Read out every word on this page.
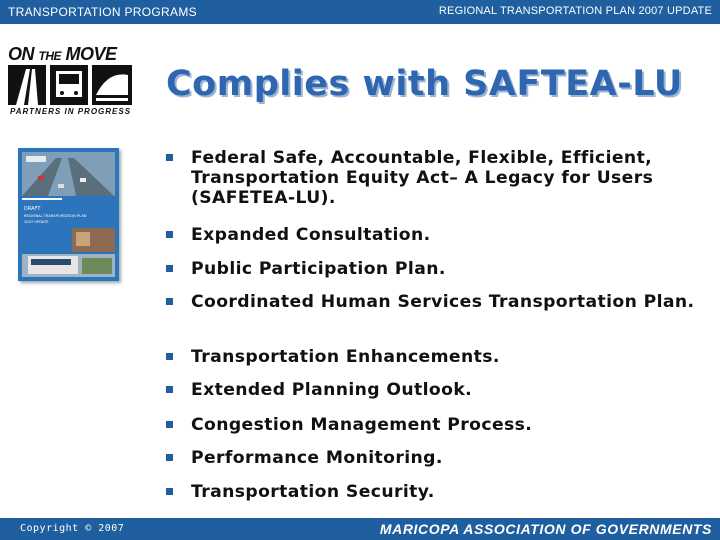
TRANSPORTATION PROGRAMS	REGIONAL TRANSPORTATION PLAN 2007 UPDATE
ON THE MOVE
PARTNERS IN PROGRESS
Complies with SAFTEA-LU
DRAFT
REGIONAL TRANSPORTATION PLAN
2007 UPDATE
Federal Safe, Accountable, Flexible, Efficient, Transportation Equity Act– A Legacy for Users (SAFETEA-LU).
Expanded Consultation.
Public Participation Plan.
Coordinated Human Services Transportation Plan.
Transportation Enhancements.
Extended Planning Outlook.
Congestion Management Process.
Performance Monitoring.
Transportation Security.
Copyright © 2007	MARICOPA ASSOCIATION OF GOVERNMENTS
